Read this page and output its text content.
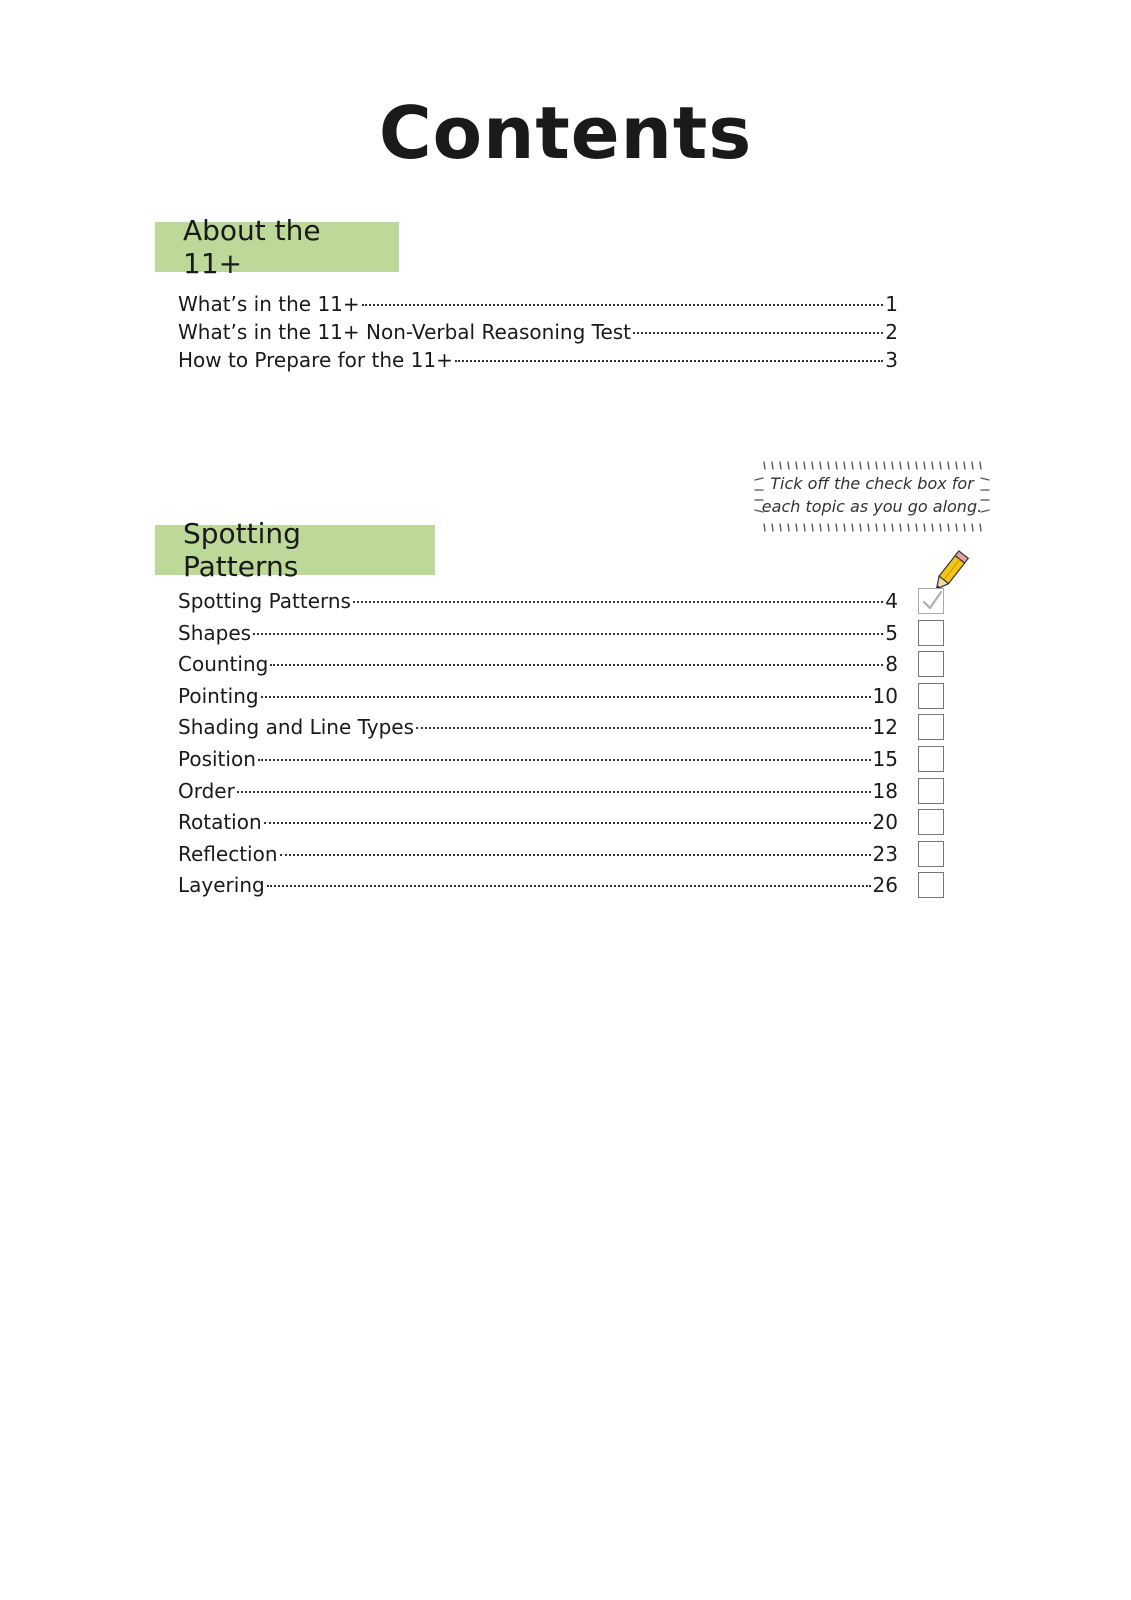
Contents
About the 11+
What’s in the 11+	1
What’s in the 11+ Non-Verbal Reasoning Test	2
How to Prepare for the 11+	3
Tick off the check box for
each topic as you go along.
Spotting Patterns
Spotting Patterns	4
Shapes	5
Counting	8
Pointing	10
Shading and Line Types	12
Position	15
Order	18
Rotation	20
Reflection	23
Layering	26
